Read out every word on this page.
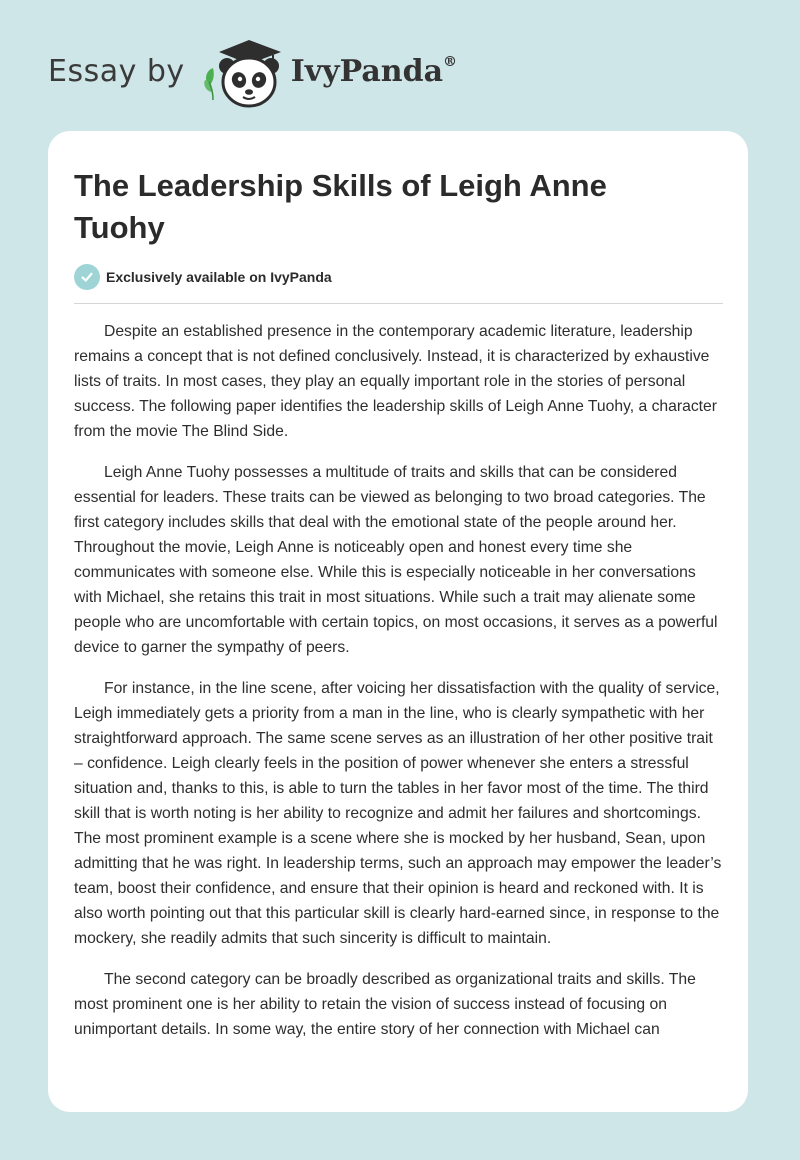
Essay by	IvyPanda®
The Leadership Skills of Leigh Anne Tuohy
Exclusively available on IvyPanda

Despite an established presence in the contemporary academic literature, leadership remains a concept that is not defined conclusively. Instead, it is characterized by exhaustive lists of traits. In most cases, they play an equally important role in the stories of personal success. The following paper identifies the leadership skills of Leigh Anne Tuohy, a character from the movie The Blind Side.

Leigh Anne Tuohy possesses a multitude of traits and skills that can be considered essential for leaders. These traits can be viewed as belonging to two broad categories. The first category includes skills that deal with the emotional state of the people around her. Throughout the movie, Leigh Anne is noticeably open and honest every time she communicates with someone else. While this is especially noticeable in her conversations with Michael, she retains this trait in most situations. While such a trait may alienate some people who are uncomfortable with certain topics, on most occasions, it serves as a powerful device to garner the sympathy of peers.

For instance, in the line scene, after voicing her dissatisfaction with the quality of service, Leigh immediately gets a priority from a man in the line, who is clearly sympathetic with her straightforward approach. The same scene serves as an illustration of her other positive trait – confidence. Leigh clearly feels in the position of power whenever she enters a stressful situation and, thanks to this, is able to turn the tables in her favor most of the time. The third skill that is worth noting is her ability to recognize and admit her failures and shortcomings. The most prominent example is a scene where she is mocked by her husband, Sean, upon admitting that he was right. In leadership terms, such an approach may empower the leader’s team, boost their confidence, and ensure that their opinion is heard and reckoned with. It is also worth pointing out that this particular skill is clearly hard-earned since, in response to the mockery, she readily admits that such sincerity is difficult to maintain.

The second category can be broadly described as organizational traits and skills. The most prominent one is her ability to retain the vision of success instead of focusing on unimportant details. In some way, the entire story of her connection with Michael can
